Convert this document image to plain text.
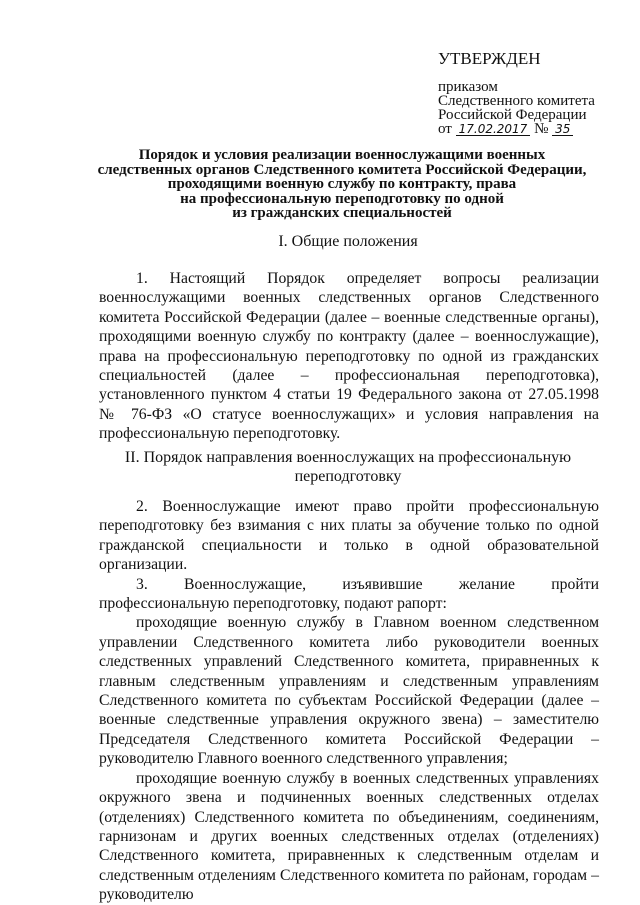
УТВЕРЖДЕН
приказом
Следственного комитета
Российской Федерации
от 17.02.2017 № 35
Порядок и условия реализации военнослужащими военных
следственных органов Следственного комитета Российской Федерации,
проходящими военную службу по контракту, права
на профессиональную переподготовку по одной
из гражданских специальностей
I. Общие положения

1. Настоящий Порядок определяет вопросы реализации военнослужащими военных следственных органов Следственного комитета Российской Федерации (далее – военные следственные органы), проходящими военную службу по контракту (далее – военнослужащие), права на профессиональную переподготовку по одной из гражданских специальностей (далее – профессиональная переподготовка), установленного пунктом 4 статьи 19 Федерального закона от 27.05.1998 № 76-ФЗ «О статусе военнослужащих» и условия направления на профессиональную переподготовку.

II. Порядок направления военнослужащих на профессиональную
переподготовку

2. Военнослужащие имеют право пройти профессиональную переподготовку без взимания с них платы за обучение только по одной гражданской специальности и только в одной образовательной организации.

3. Военнослужащие, изъявившие желание пройти профессиональную переподготовку, подают рапорт:

проходящие военную службу в Главном военном следственном управлении Следственного комитета либо руководители военных следственных управлений Следственного комитета, приравненных к главным следственным управлениям и следственным управлениям Следственного комитета по субъектам Российской Федерации (далее – военные следственные управления окружного звена) – заместителю Председателя Следственного комитета Российской Федерации – руководителю Главного военного следственного управления;

проходящие военную службу в военных следственных управлениях окружного звена и подчиненных военных следственных отделах (отделениях) Следственного комитета по объединениям, соединениям, гарнизонам и других военных следственных отделах (отделениях) Следственного комитета, приравненных к следственным отделам и следственным отделениям Следственного комитета по районам, городам – руководителю
